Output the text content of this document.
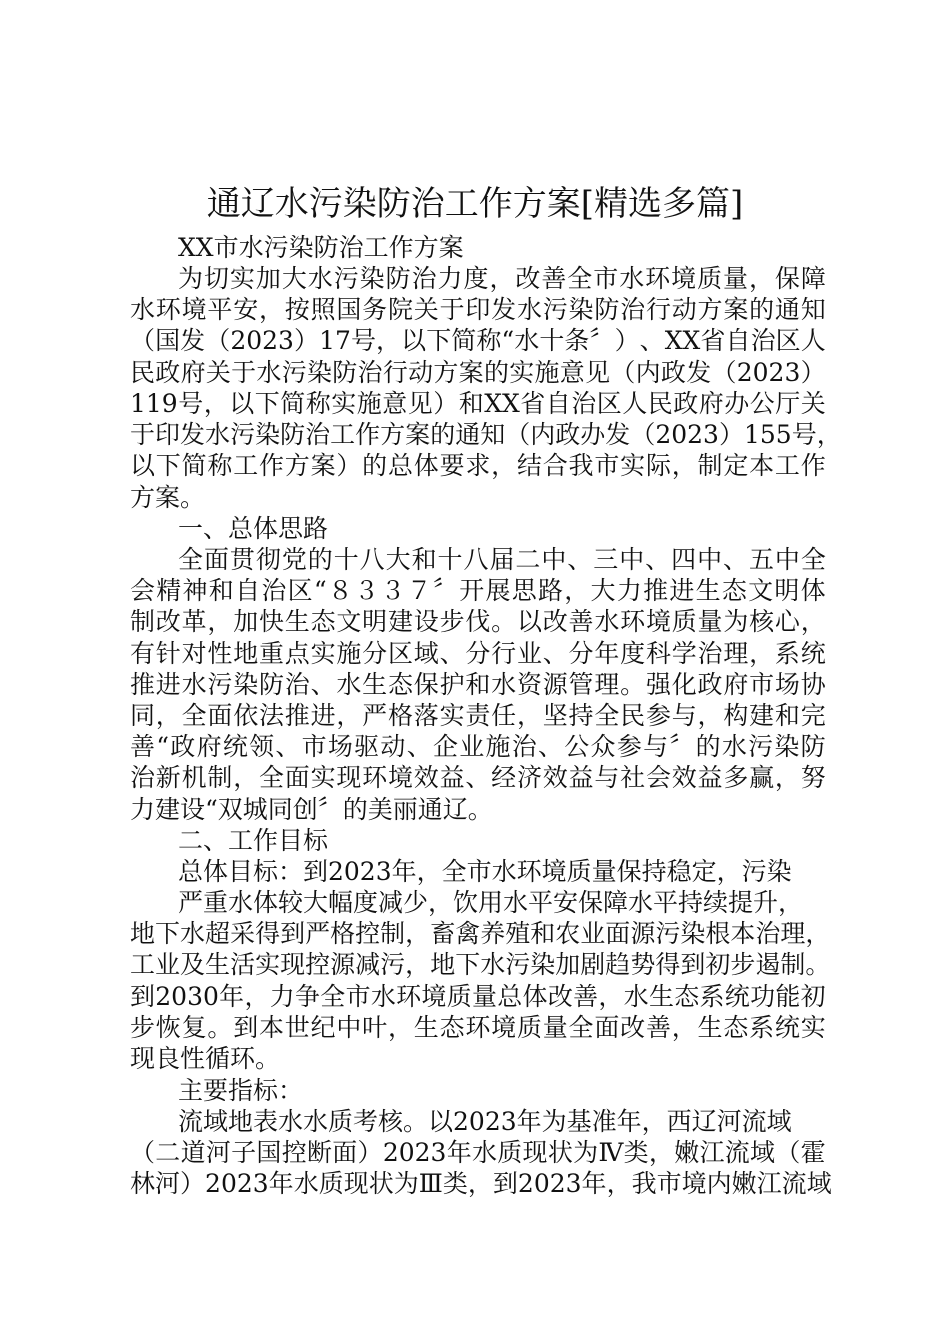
通辽水污染防治工作方案[精选多篇]
XX市水污染防治工作方案
为 切 实 加 大 水 污 染 防 治 力 度 ， 改 善 全 市 水 环 境 质 量 ， 保 障
水 环 境 平 安 ， 按 照 国 务 院 关 于 印 发 水 污 染 防 治 行 动 方 案 的 通 知
（ 国 发 （ 2023 ） 17 号 ， 以 下 简 称 “ 水 十 条 〞 ） 、 XX 省 自 治 区 人
民 政 府 关 于 水 污 染 防 治 行 动 方 案 的 实 施 意 见 （ 内 政 发 （ 2023 ）
119 号 ， 以 下 简 称 实 施 意 见 ） 和 XX 省 自 治 区 人 民 政 府 办 公 厅 关
于 印 发 水 污 染 防 治 工 作 方 案 的 通 知 （ 内 政 办 发 （ 2023 ） 155 号 ，
以 下 简 称 工 作 方 案 ） 的 总 体 要 求 ， 结 合 我 市 实 际 ， 制 定 本 工 作
方案。
一、总体思路
全 面 贯 彻 党 的 十 八 大 和 十 八 届 二 中 、 三 中 、 四 中 、 五 中 全
会 精 神 和 自 治 区 “ ８ ３ ３ ７ 〞 开 展 思 路 ， 大 力 推 进 生 态 文 明 体
制 改 革 ， 加 快 生 态 文 明 建 设 步 伐 。 以 改 善 水 环 境 质 量 为 核 心 ，
有 针 对 性 地 重 点 实 施 分 区 域 、 分 行 业 、 分 年 度 科 学 治 理 ， 系 统
推 进 水 污 染 防 治 、 水 生 态 保 护 和 水 资 源 管 理 。 强 化 政 府 市 场 协
同 ， 全 面 依 法 推 进 ， 严 格 落 实 责 任 ， 坚 持 全 民 参 与 ， 构 建 和 完
善 “ 政 府 统 领 、 市 场 驱 动 、 企 业 施 治 、 公 众 参 与 〞 的 水 污 染 防
治 新 机 制 ， 全 面 实 现 环 境 效 益 、 经 济 效 益 与 社 会 效 益 多 赢 ， 努
力建设“双城同创〞的美丽通辽。
二、工作目标
总体目标：到2023年，全市水环境质量保持稳定，污染
严重水体较大幅度减少，饮用水平安保障水平持续提升，
地 下 水 超 采 得 到 严 格 控 制 ， 畜 禽 养 殖 和 农 业 面 源 污 染 根 本 治 理 ，
工 业 及 生 活 实 现 控 源 减 污 ， 地 下 水 污 染 加 剧 趋 势 得 到 初 步 遏 制 。
到 2030 年 ， 力 争 全 市 水 环 境 质 量 总 体 改 善 ， 水 生 态 系 统 功 能 初
步 恢 复 。 到 本 世 纪 中 叶 ， 生 态 环 境 质 量 全 面 改 善 ， 生 态 系 统 实
现良性循环。
主要指标：
流域地表水水质考核。以2023年为基准年，西辽河流域
（ 二 道 河 子 国 控 断 面 ） 2023 年 水 质 现 状 为 Ⅳ 类 ， 嫩 江 流 域 （ 霍
林 河 ） 2023 年 水 质 现 状 为 Ⅲ 类 ， 到 2023 年 ， 我 市 境 内 嫩 江 流 域
